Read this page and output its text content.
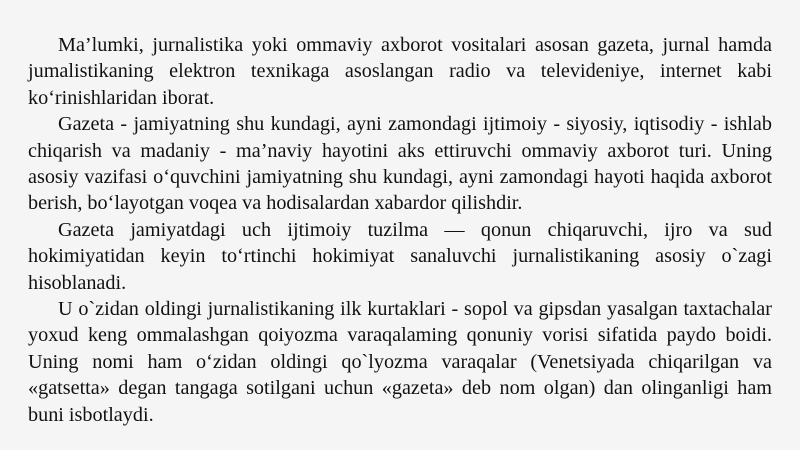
Ma’lumki, jurnalistika yoki ommaviy axborot vositalari asosan gazeta, jurnal hamda jumalistikaning elektron texnikaga asoslangan radio va televideniye, internet kabi ko‘rinishlaridan iborat.

Gazeta - jamiyatning shu kundagi, ayni zamondagi ijtimoiy - siyosiy, iqtisodiy - ishlab chiqarish va madaniy - ma’naviy hayotini aks ettiruvchi ommaviy axborot turi. Uning asosiy vazifasi o‘quvchini jamiyatning shu kundagi, ayni zamondagi hayoti haqida axborot berish, bo‘layotgan voqea va hodisalardan xabardor qilishdir.

Gazeta jamiyatdagi uch ijtimoiy tuzilma — qonun chiqaruvchi, ijro va sud hokimiyatidan keyin to‘rtinchi hokimiyat sanaluvchi jurnalistikaning asosiy o`zagi hisoblanadi.

U o`zidan oldingi jurnalistikaning ilk kurtaklari - sopol va gipsdan yasalgan taxtachalar yoxud keng ommalashgan qoiyozma varaqalaming qonuniy vorisi sifatida paydo boidi. Uning nomi ham o‘zidan oldingi qo`lyozma varaqalar (Venetsiyada chiqarilgan va «gatsetta» degan tangaga sotilgani uchun «gazeta» deb nom olgan) dan olinganligi ham buni isbotlaydi.
